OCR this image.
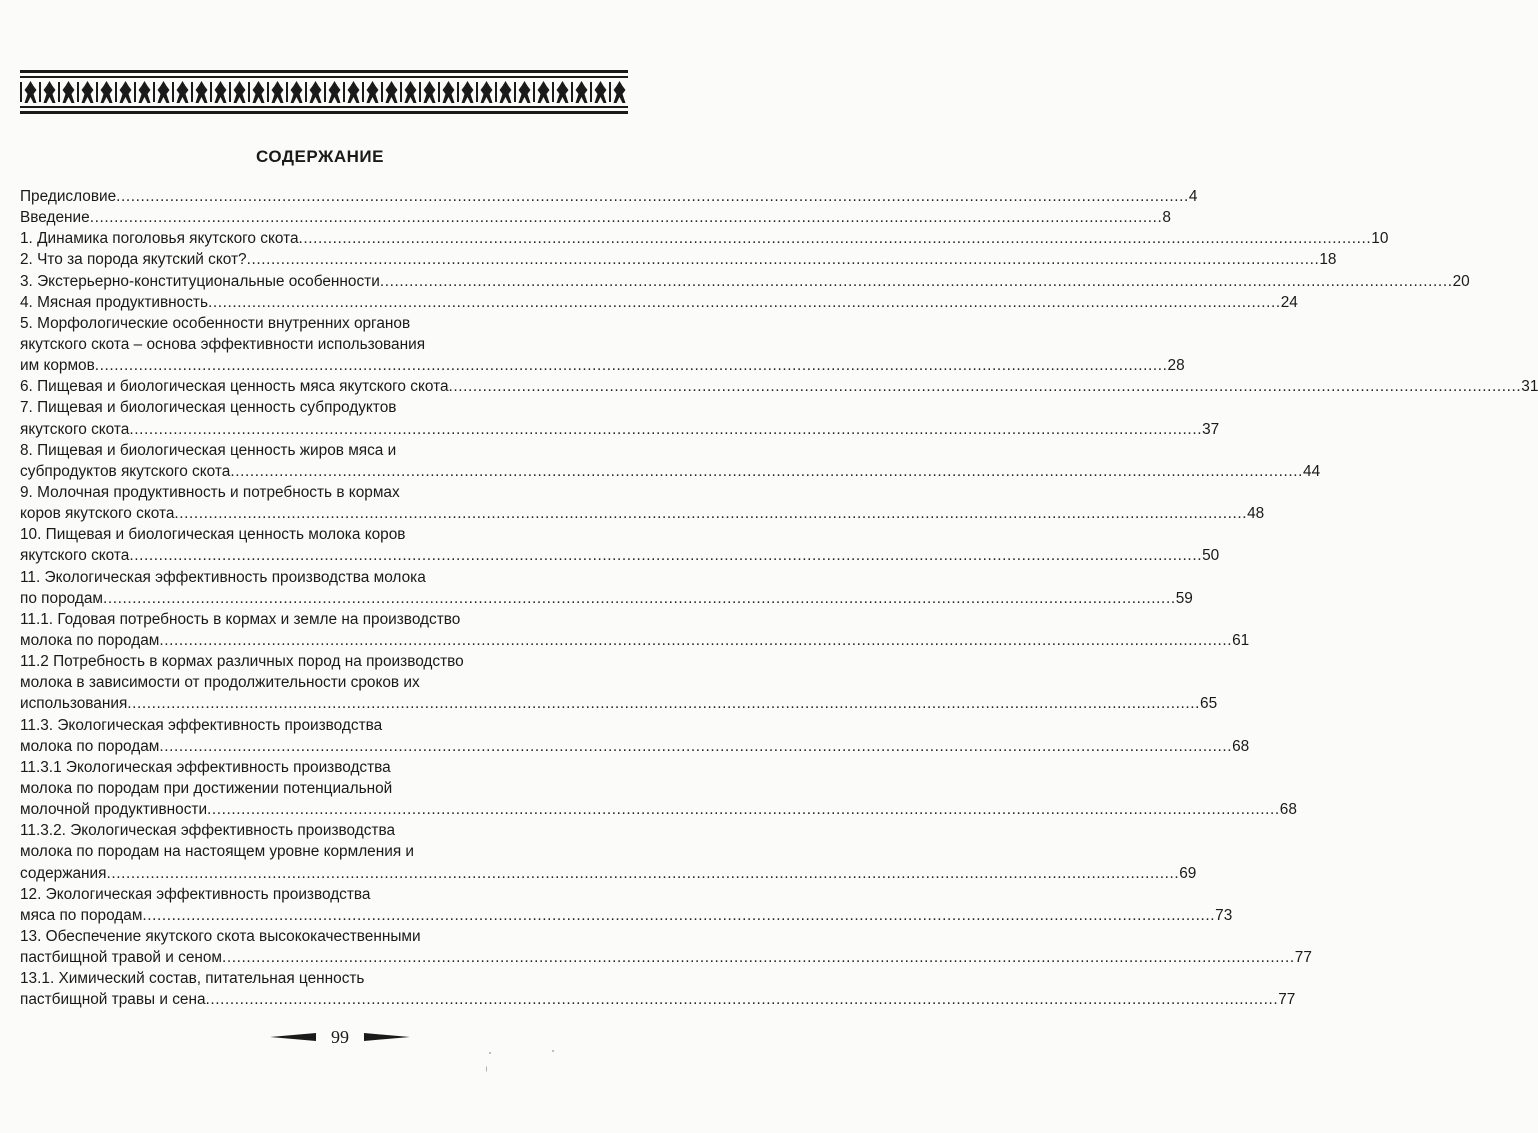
СОДЕРЖАНИЕ
Предисловие ............................................................................................................................................................................................................................ 4
Введение ............................................................................................................................................................................................................................ 8
1. Динамика поголовья якутского скота ............................................................................................................................................................................................................................ 10
2. Что за порода якутский скот? ............................................................................................................................................................................................................................ 18
3. Экстерьерно-конституциональные особенности ............................................................................................................................................................................................................................ 20
4. Мясная продуктивность ............................................................................................................................................................................................................................ 24
5. Морфологические особенности внутренних органов
якутского скота – основа эффективности использования
им кормов ............................................................................................................................................................................................................................ 28
6. Пищевая и биологическая ценность мяса якутского скота ............................................................................................................................................................................................................................ 31
7. Пищевая и биологическая ценность субпродуктов
якутского скота ............................................................................................................................................................................................................................ 37
8. Пищевая и биологическая ценность жиров мяса и
субпродуктов якутского скота ............................................................................................................................................................................................................................ 44
9. Молочная продуктивность и потребность в кормах
коров якутского скота ............................................................................................................................................................................................................................ 48
10. Пищевая и биологическая ценность молока коров
якутского скота ............................................................................................................................................................................................................................ 50
11. Экологическая эффективность производства молока
по породам ............................................................................................................................................................................................................................ 59
11.1. Годовая потребность в кормах и земле на производство
молока по породам ............................................................................................................................................................................................................................ 61
11.2 Потребность в кормах различных пород на производство
молока в зависимости от продолжительности сроков их
использования ............................................................................................................................................................................................................................ 65
11.3. Экологическая эффективность производства
молока по породам ............................................................................................................................................................................................................................ 68
11.3.1 Экологическая эффективность производства
молока по породам при достижении потенциальной
молочной продуктивности ............................................................................................................................................................................................................................ 68
11.3.2. Экологическая эффективность производства
молока по породам на настоящем уровне кормления и
содержания ............................................................................................................................................................................................................................ 69
12. Экологическая эффективность производства
мяса по породам ............................................................................................................................................................................................................................ 73
13. Обеспечение якутского скота высококачественными
пастбищной травой и сеном ............................................................................................................................................................................................................................ 77
13.1. Химический состав, питательная ценность
пастбищной травы и сена ............................................................................................................................................................................................................................ 77
99
